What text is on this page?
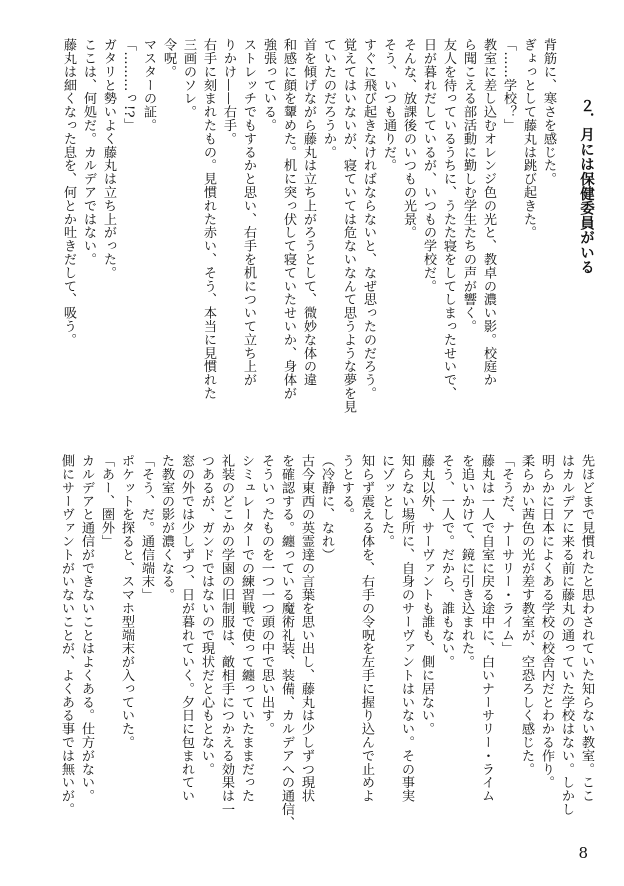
２．月には保健委員がいる
背筋に、寒さを感じた。
ぎょっとして藤丸は跳び起きた。
「……学校？」
教室に差し込むオレンジ色の光と、教卓の濃い影。校庭か
ら聞こえる部活動に勤しむ学生たちの声が響く。
友人を待っているうちに、うたた寝をしてしまったせいで、
日が暮れだしているが、いつもの学校だ。
そんな、放課後のいつもの光景。
そう、いつも通りだ。
すぐに飛び起きなければならないと、なぜ思ったのだろう。
覚えてはいないが、寝ていては危ないなんて思うような夢を見
ていたのだろうか。
首を傾げながら藤丸は立ち上がろうとして、微妙な体の違
和感に顔を顰めた。机に突っ伏して寝ていたせいか、身体が
強張っている。
ストレッチでもするかと思い、右手を机について立ち上が
りかけ——右手。
右手に刻まれたもの。見慣れた赤い、そう、本当に見慣れた
三画のソレ。
令呪。
マスターの証。
「………っ!?」
ガタリと勢いよく藤丸は立ち上がった。
ここは、何処だ。カルデアではない。
藤丸は細くなった息を、何とか吐きだして、吸う。
先ほどまで見慣れたと思わされていた知らない教室。ここ
はカルデアに来る前に藤丸の通っていた学校はない。しかし
明らかに日本によくある学校の校舎内だとわかる作り。
柔らかい茜色の光が差す教室が、空恐ろしく感じた。
「そうだ、ナーサリー・ライム」
藤丸は一人で自室に戻る途中に、白いナーサリー・ライム
を追いかけて、鏡に引き込まれた。
そう、一人で。だから、誰もない。
藤丸以外、サーヴァントも誰も、側に居ない。
知らない場所に、自身のサーヴァントはいない。その事実
にゾッとした。
知らず震える体を、右手の令呪を左手に握り込んで止めよ
うとする。
（冷静に、なれ）
古今東西の英霊達の言葉を思い出し、藤丸は少しずつ現状
を確認する。纏っている魔術礼装、装備、カルデアへの通信、
そういったものを一つ一つ頭の中で思い出す。
シミュレーターでの練習戦で使って纏っていたままだった
礼装のどこかの学園の旧制服は、敵相手につかえる効果は一
つあるが、ガンドではないので現状だと心もとない。
窓の外では少しずつ、日が暮れていく。夕日に包まれてい
た教室の影が濃くなる。
「そう、だ。通信端末」
ポケットを探ると、スマホ型端末が入っていた。
「あー、圏外」
カルデアと通信ができないことはよくある。仕方がない。
側にサーヴァントがいないことが、よくある事では無いが。
8
